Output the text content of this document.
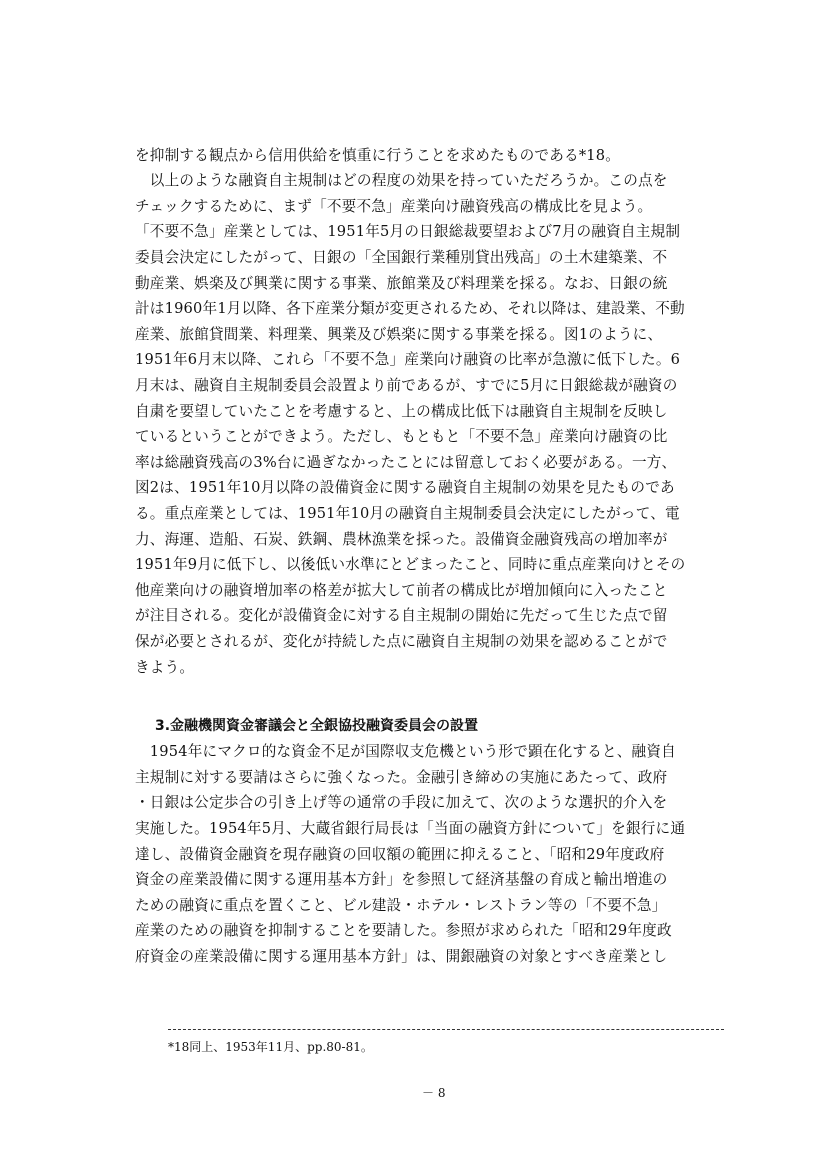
を抑制する観点から信用供給を慎重に行うことを求めたものである*18。
　以上のような融資自主規制はどの程度の効果を持っていただろうか。この点を
チェックするために、まず「不要不急」産業向け融資残高の構成比を見よう。
「不要不急」産業としては、1951年5月の日銀総裁要望および7月の融資自主規制
委員会決定にしたがって、日銀の「全国銀行業種別貸出残高」の土木建築業、不
動産業、娯楽及び興業に関する事業、旅館業及び料理業を採る。なお、日銀の統
計は1960年1月以降、各下産業分類が変更されるため、それ以降は、建設業、不動
産業、旅館貸間業、料理業、興業及び娯楽に関する事業を採る。図1のように、
1951年6月末以降、これら「不要不急」産業向け融資の比率が急激に低下した。6
月末は、融資自主規制委員会設置より前であるが、すでに5月に日銀総裁が融資の
自粛を要望していたことを考慮すると、上の構成比低下は融資自主規制を反映し
ているということができよう。ただし、もともと「不要不急」産業向け融資の比
率は総融資残高の3%台に過ぎなかったことには留意しておく必要がある。一方、
図2は、1951年10月以降の設備資金に関する融資自主規制の効果を見たものであ
る。重点産業としては、1951年10月の融資自主規制委員会決定にしたがって、電
力、海運、造船、石炭、鉄鋼、農林漁業を採った。設備資金融資残高の増加率が
1951年9月に低下し、以後低い水準にとどまったこと、同時に重点産業向けとその
他産業向けの融資増加率の格差が拡大して前者の構成比が増加傾向に入ったこと
が注目される。変化が設備資金に対する自主規制の開始に先だって生じた点で留
保が必要とされるが、変化が持続した点に融資自主規制の効果を認めることがで
きよう。
3.金融機関資金審議会と全銀協投融資委員会の設置
　1954年にマクロ的な資金不足が国際収支危機という形で顕在化すると、融資自
主規制に対する要請はさらに強くなった。金融引き締めの実施にあたって、政府
・日銀は公定歩合の引き上げ等の通常の手段に加えて、次のような選択的介入を
実施した。1954年5月、大蔵省銀行局長は「当面の融資方針について」を銀行に通
達し、設備資金融資を現存融資の回収額の範囲に抑えること、「昭和29年度政府
資金の産業設備に関する運用基本方針」を参照して経済基盤の育成と輸出増進の
ための融資に重点を置くこと、ビル建設・ホテル・レストラン等の「不要不急」
産業のための融資を抑制することを要請した。参照が求められた「昭和29年度政
府資金の産業設備に関する運用基本方針」は、開銀融資の対象とすべき産業とし
*18同上、1953年11月、pp.80-81。
－ 8
